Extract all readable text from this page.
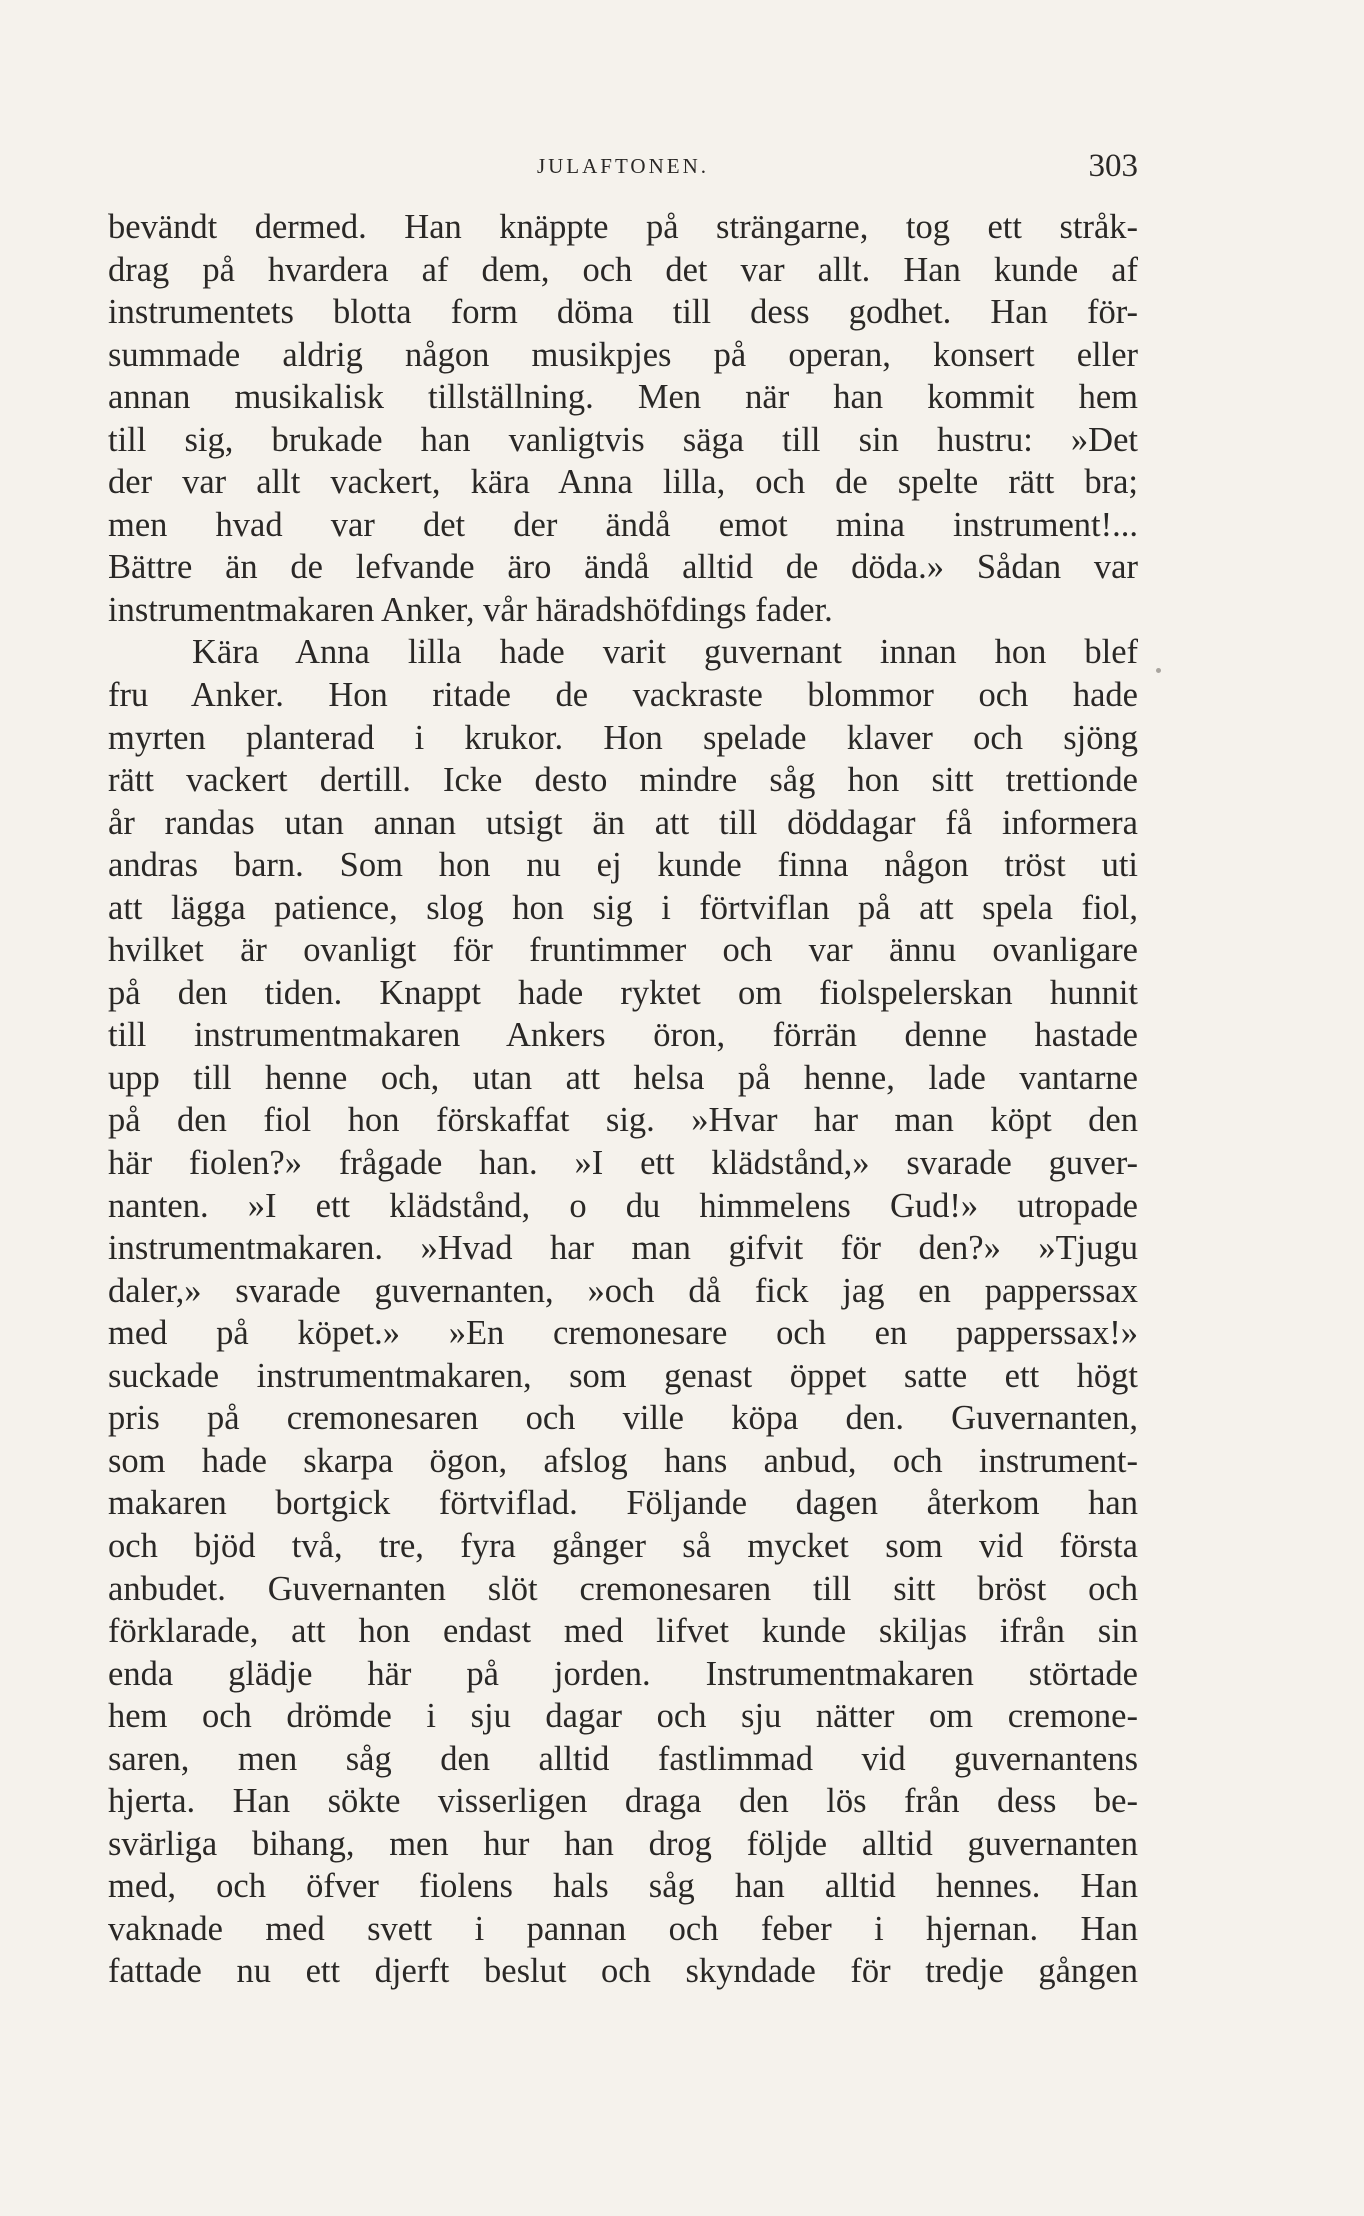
JULAFTONEN.	303
bevändt dermed. Han knäppte på strängarne, tog ett stråk-
drag på hvardera af dem, och det var allt. Han kunde af
instrumentets blotta form döma till dess godhet. Han för-
summade aldrig någon musikpjes på operan, konsert eller
annan musikalisk tillställning. Men när han kommit hem
till sig, brukade han vanligtvis säga till sin hustru: »Det
der var allt vackert, kära Anna lilla, och de spelte rätt bra;
men hvad var det der ändå emot mina instrument!...
Bättre än de lefvande äro ändå alltid de döda.» Sådan var
instrumentmakaren Anker, vår häradshöfdings fader.
Kära Anna lilla hade varit guvernant innan hon blef
fru Anker. Hon ritade de vackraste blommor och hade
myrten planterad i krukor. Hon spelade klaver och sjöng
rätt vackert dertill. Icke desto mindre såg hon sitt trettionde
år randas utan annan utsigt än att till döddagar få informera
andras barn. Som hon nu ej kunde finna någon tröst uti
att lägga patience, slog hon sig i förtviflan på att spela fiol,
hvilket är ovanligt för fruntimmer och var ännu ovanligare
på den tiden. Knappt hade ryktet om fiolspelerskan hunnit
till instrumentmakaren Ankers öron, förrän denne hastade
upp till henne och, utan att helsa på henne, lade vantarne
på den fiol hon förskaffat sig. »Hvar har man köpt den
här fiolen?» frågade han. »I ett klädstånd,» svarade guver-
nanten. »I ett klädstånd, o du himmelens Gud!» utropade
instrumentmakaren. »Hvad har man gifvit för den?» »Tjugu
daler,» svarade guvernanten, »och då fick jag en papperssax
med på köpet.» »En cremonesare och en papperssax!»
suckade instrumentmakaren, som genast öppet satte ett högt
pris på cremonesaren och ville köpa den. Guvernanten,
som hade skarpa ögon, afslog hans anbud, och instrument-
makaren bortgick förtviflad. Följande dagen återkom han
och bjöd två, tre, fyra gånger så mycket som vid första
anbudet. Guvernanten slöt cremonesaren till sitt bröst och
förklarade, att hon endast med lifvet kunde skiljas ifrån sin
enda glädje här på jorden. Instrumentmakaren störtade
hem och drömde i sju dagar och sju nätter om cremone-
saren, men såg den alltid fastlimmad vid guvernantens
hjerta. Han sökte visserligen draga den lös från dess be-
svärliga bihang, men hur han drog följde alltid guvernanten
med, och öfver fiolens hals såg han alltid hennes. Han
vaknade med svett i pannan och feber i hjernan. Han
fattade nu ett djerft beslut och skyndade för tredje gången
